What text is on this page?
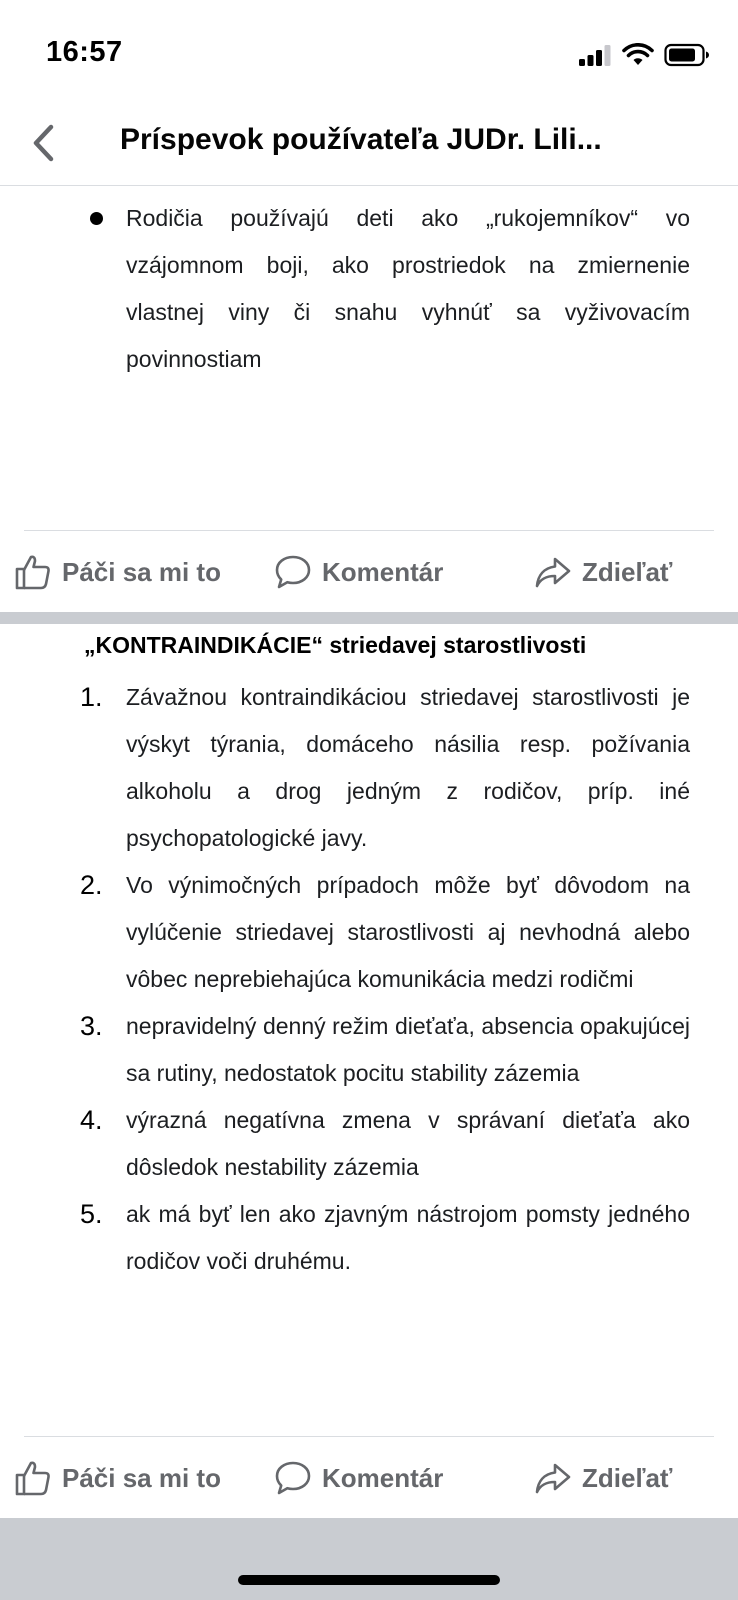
16:57
Príspevok používateľa JUDr. Lili...

Rodičia používajú deti ako „rukojemníkov“ vo vzájomnom boji, ako prostriedok na zmiernenie vlastnej viny či snahu vyhnúť sa vyživovacím povinnostiam

Páči sa mi to	Komentár	Zdieľať
„KONTRAINDIKÁCIE“ striedavej starostlivosti
1. Závažnou kontraindikáciou striedavej starostlivosti je výskyt týrania, domáceho násilia resp. požívania alkoholu a drog jedným z rodičov, príp. iné psychopatologické javy.

2. Vo výnimočných prípadoch môže byť dôvodom na vylúčenie striedavej starostlivosti aj nevhodná alebo vôbec neprebiehajúca komunikácia medzi rodičmi

3. nepravidelný denný režim dieťaťa, absencia opakujúcej sa rutiny, nedostatok pocitu stability zázemia

4. výrazná negatívna zmena v správaní dieťaťa ako dôsledok nestability zázemia

5. ak má byť len ako zjavným nástrojom pomsty jedného rodičov voči druhému.

Páči sa mi to	Komentár	Zdieľať
